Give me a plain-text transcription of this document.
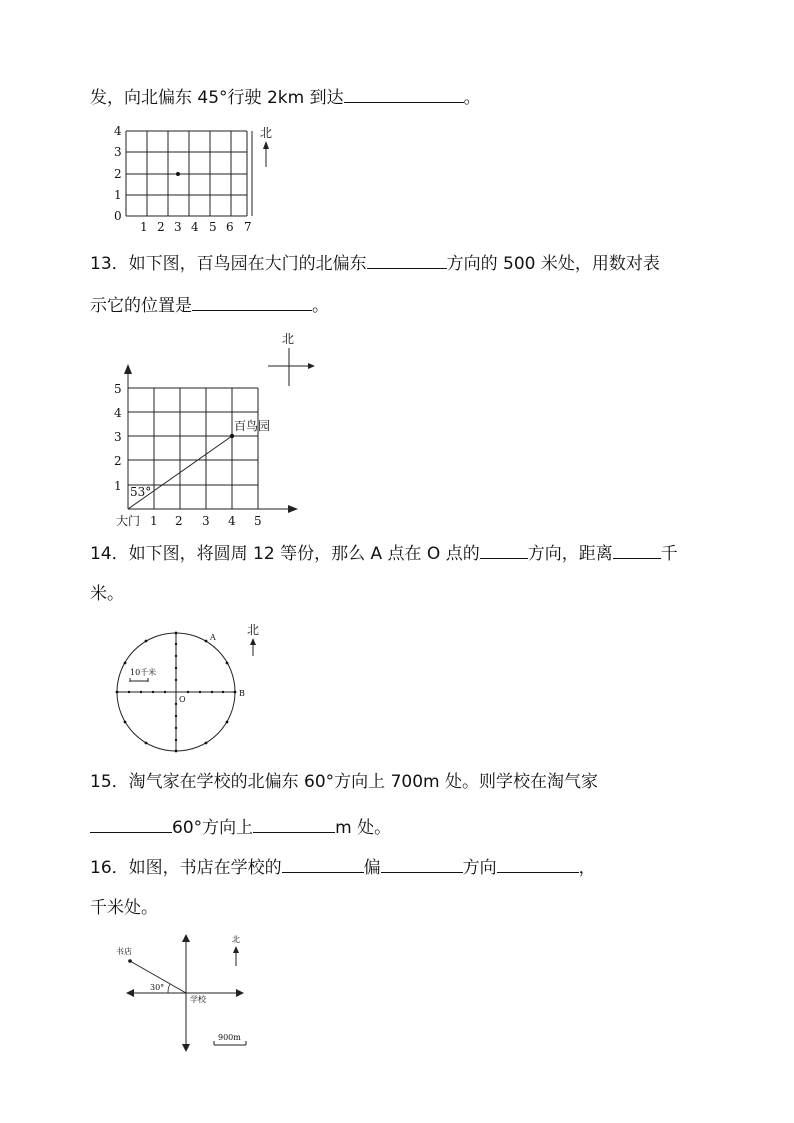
发，向北偏东 45°行驶 2km 到达	。
1 2 3 4 5 6 7
0
1
2
3
4	北
13．如下图，百鸟园在大门的北偏东	方向的 500 米处，用数对表
示它的位置是	。
北
5
4
3
2
1 53°
百鸟园
大门 1 2 3 4 5
14．如下图，将圆周 12 等份，那么 A 点在 O 点的	方向，距离	千
米。
10千米
A
B
O
北
15．淘气家在学校的北偏东 60°方向上 700m 处。则学校在淘气家
60°方向上	m 处。
16．如图，书店在学校的	偏	方向	，
千米处。
书店
30°
学校
900m
北
